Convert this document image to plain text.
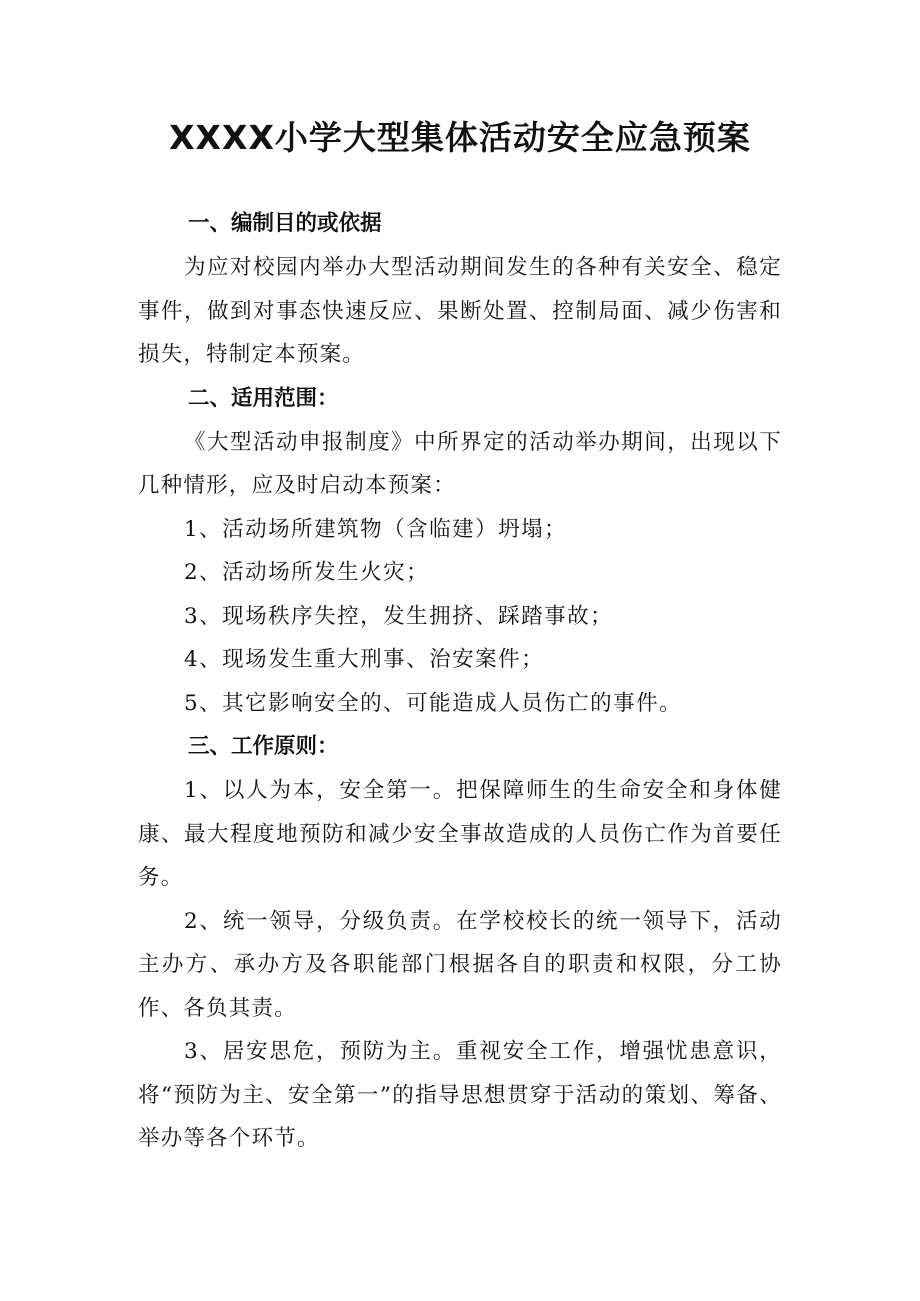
XXXX小学大型集体活动安全应急预案
一、编制目的或依据

为应对校园内举办大型活动期间发生的各种有关安全、稳定事件，做到对事态快速反应、果断处置、控制局面、减少伤害和损失，特制定本预案。

二、适用范围：

《大型活动申报制度》中所界定的活动举办期间，出现以下几种情形，应及时启动本预案：

1、活动场所建筑物（含临建）坍塌；

2、活动场所发生火灾；

3、现场秩序失控，发生拥挤、踩踏事故；

4、现场发生重大刑事、治安案件；

5、其它影响安全的、可能造成人员伤亡的事件。

三、工作原则：

1、以人为本，安全第一。把保障师生的生命安全和身体健康、最大程度地预防和减少安全事故造成的人员伤亡作为首要任务。

2、统一领导，分级负责。在学校校长的统一领导下，活动主办方、承办方及各职能部门根据各自的职责和权限，分工协作、各负其责。

3、居安思危，预防为主。重视安全工作，增强忧患意识，将“预防为主、安全第一”的指导思想贯穿于活动的策划、筹备、举办等各个环节。
